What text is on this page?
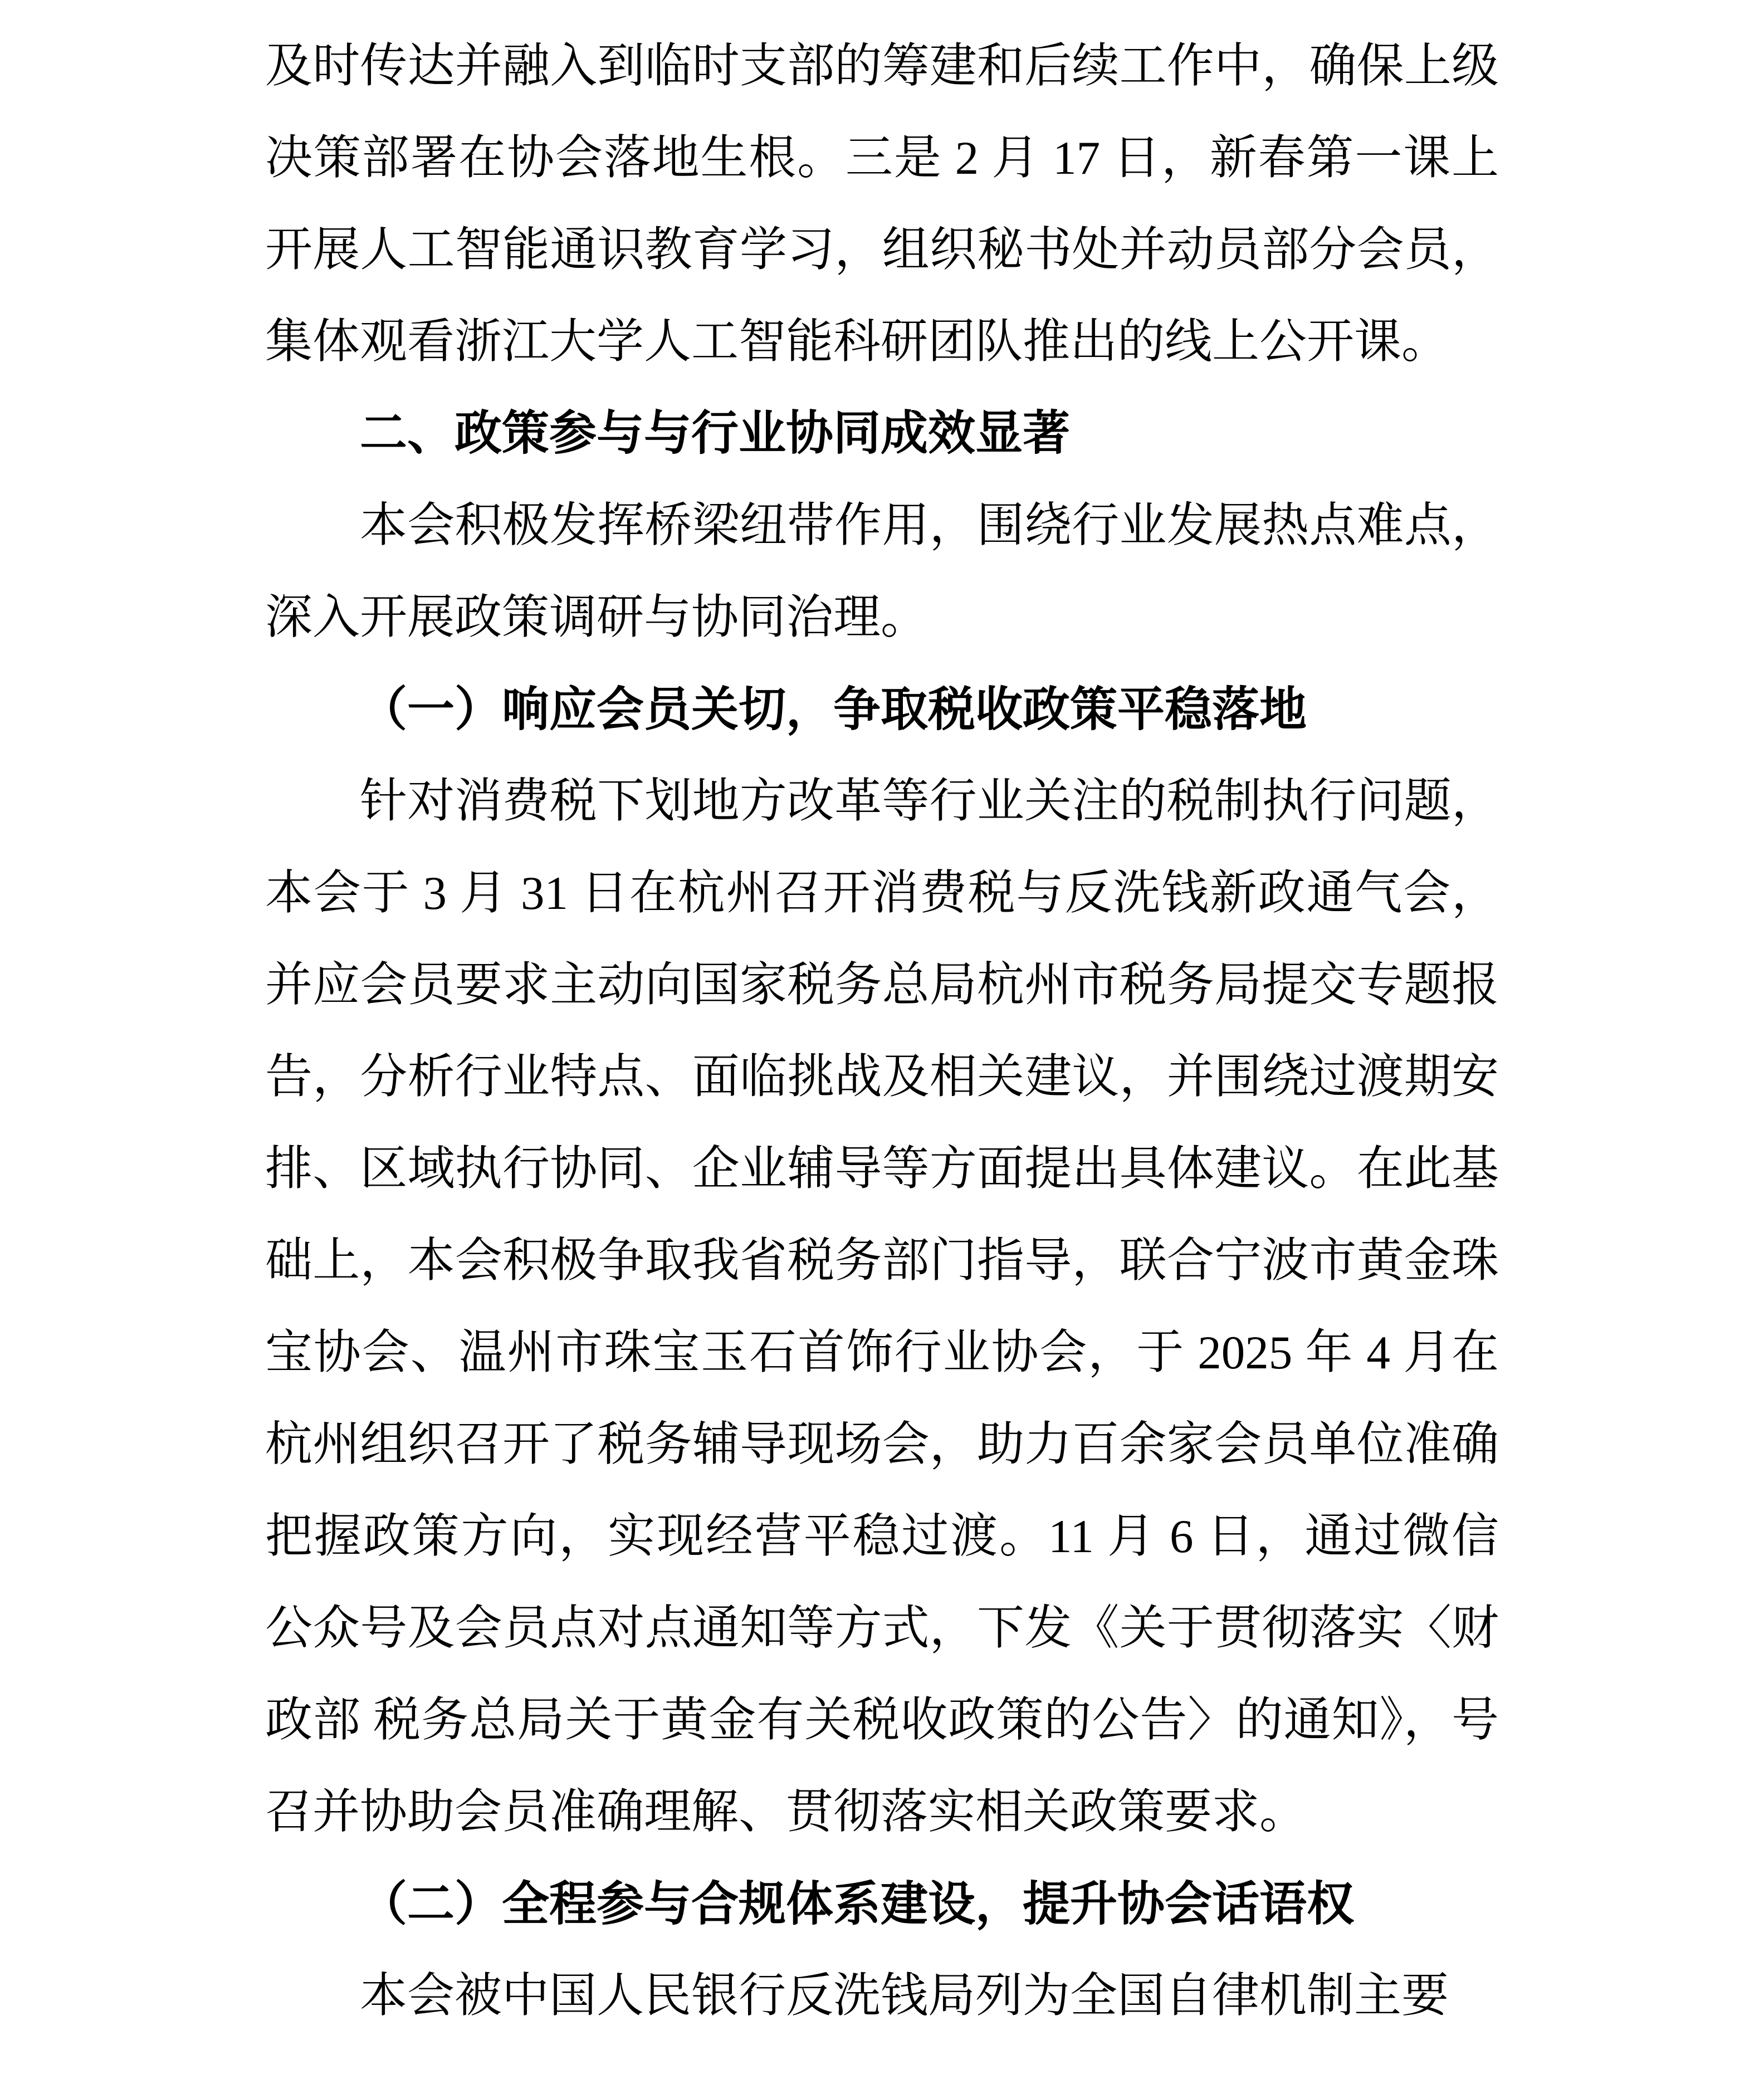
及时传达并融入到临时支部的筹建和后续工作中，确保上级决策部署在协会落地生根。三是 2 月 17 日，新春第一课上开展人工智能通识教育学习，组织秘书处并动员部分会员，集体观看浙江大学人工智能科研团队推出的线上公开课。

二、政策参与与行业协同成效显著

本会积极发挥桥梁纽带作用，围绕行业发展热点难点，深入开展政策调研与协同治理。

（一）响应会员关切，争取税收政策平稳落地

针对消费税下划地方改革等行业关注的税制执行问题，本会于 3 月 31 日在杭州召开消费税与反洗钱新政通气会，并应会员要求主动向国家税务总局杭州市税务局提交专题报告，分析行业特点、面临挑战及相关建议，并围绕过渡期安排、区域执行协同、企业辅导等方面提出具体建议。在此基础上，本会积极争取我省税务部门指导，联合宁波市黄金珠宝协会、温州市珠宝玉石首饰行业协会，于 2025 年 4 月在杭州组织召开了税务辅导现场会，助力百余家会员单位准确把握政策方向，实现经营平稳过渡。11 月 6 日，通过微信公众号及会员点对点通知等方式，下发《关于贯彻落实〈财政部 税务总局关于黄金有关税收政策的公告〉的通知》，号召并协助会员准确理解、贯彻落实相关政策要求。

（二）全程参与合规体系建设，提升协会话语权

本会被中国人民银行反洗钱局列为全国自律机制主要
